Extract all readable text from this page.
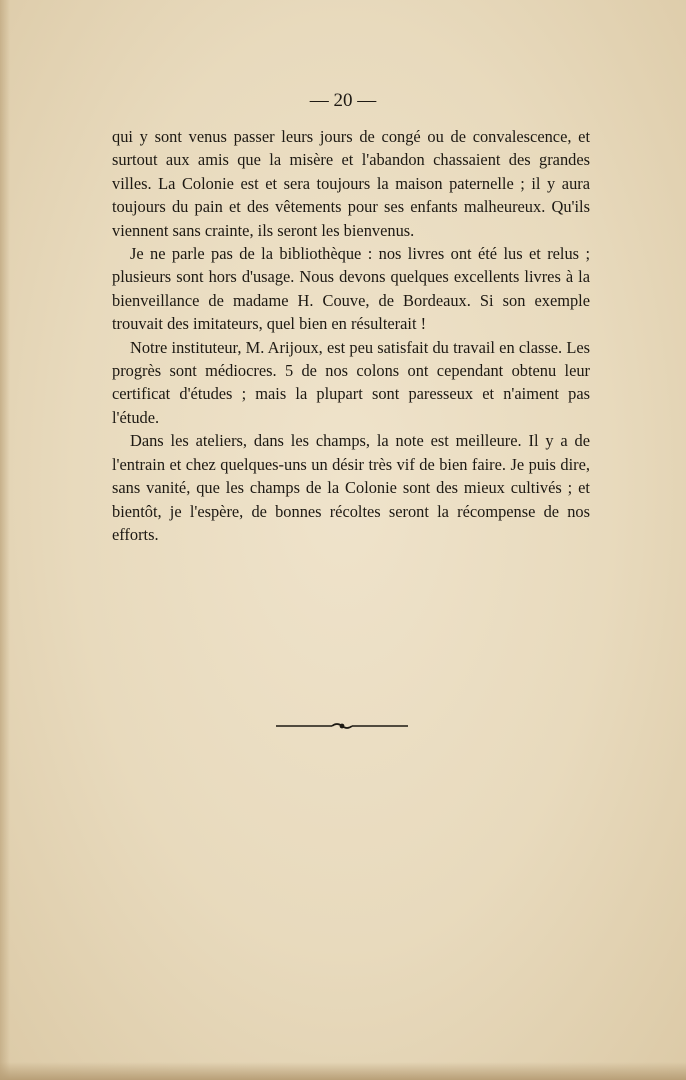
— 20 —

qui y sont venus passer leurs jours de congé ou de convalescence, et surtout aux amis que la misère et l'abandon chassaient des grandes villes. La Colonie est et sera toujours la maison paternelle ; il y aura toujours du pain et des vêtements pour ses enfants malheureux. Qu'ils viennent sans crainte, ils seront les bienvenus.

Je ne parle pas de la bibliothèque : nos livres ont été lus et relus ; plusieurs sont hors d'usage. Nous devons quelques excellents livres à la bienveillance de madame H. Couve, de Bordeaux. Si son exemple trouvait des imitateurs, quel bien en résulterait !

Notre instituteur, M. Arijoux, est peu satisfait du travail en classe. Les progrès sont médiocres. 5 de nos colons ont cependant obtenu leur certificat d'études ; mais la plupart sont paresseux et n'aiment pas l'étude.

Dans les ateliers, dans les champs, la note est meilleure. Il y a de l'entrain et chez quelques-uns un désir très vif de bien faire. Je puis dire, sans vanité, que les champs de la Colonie sont des mieux cultivés ; et bientôt, je l'espère, de bonnes récoltes seront la récompense de nos efforts.
